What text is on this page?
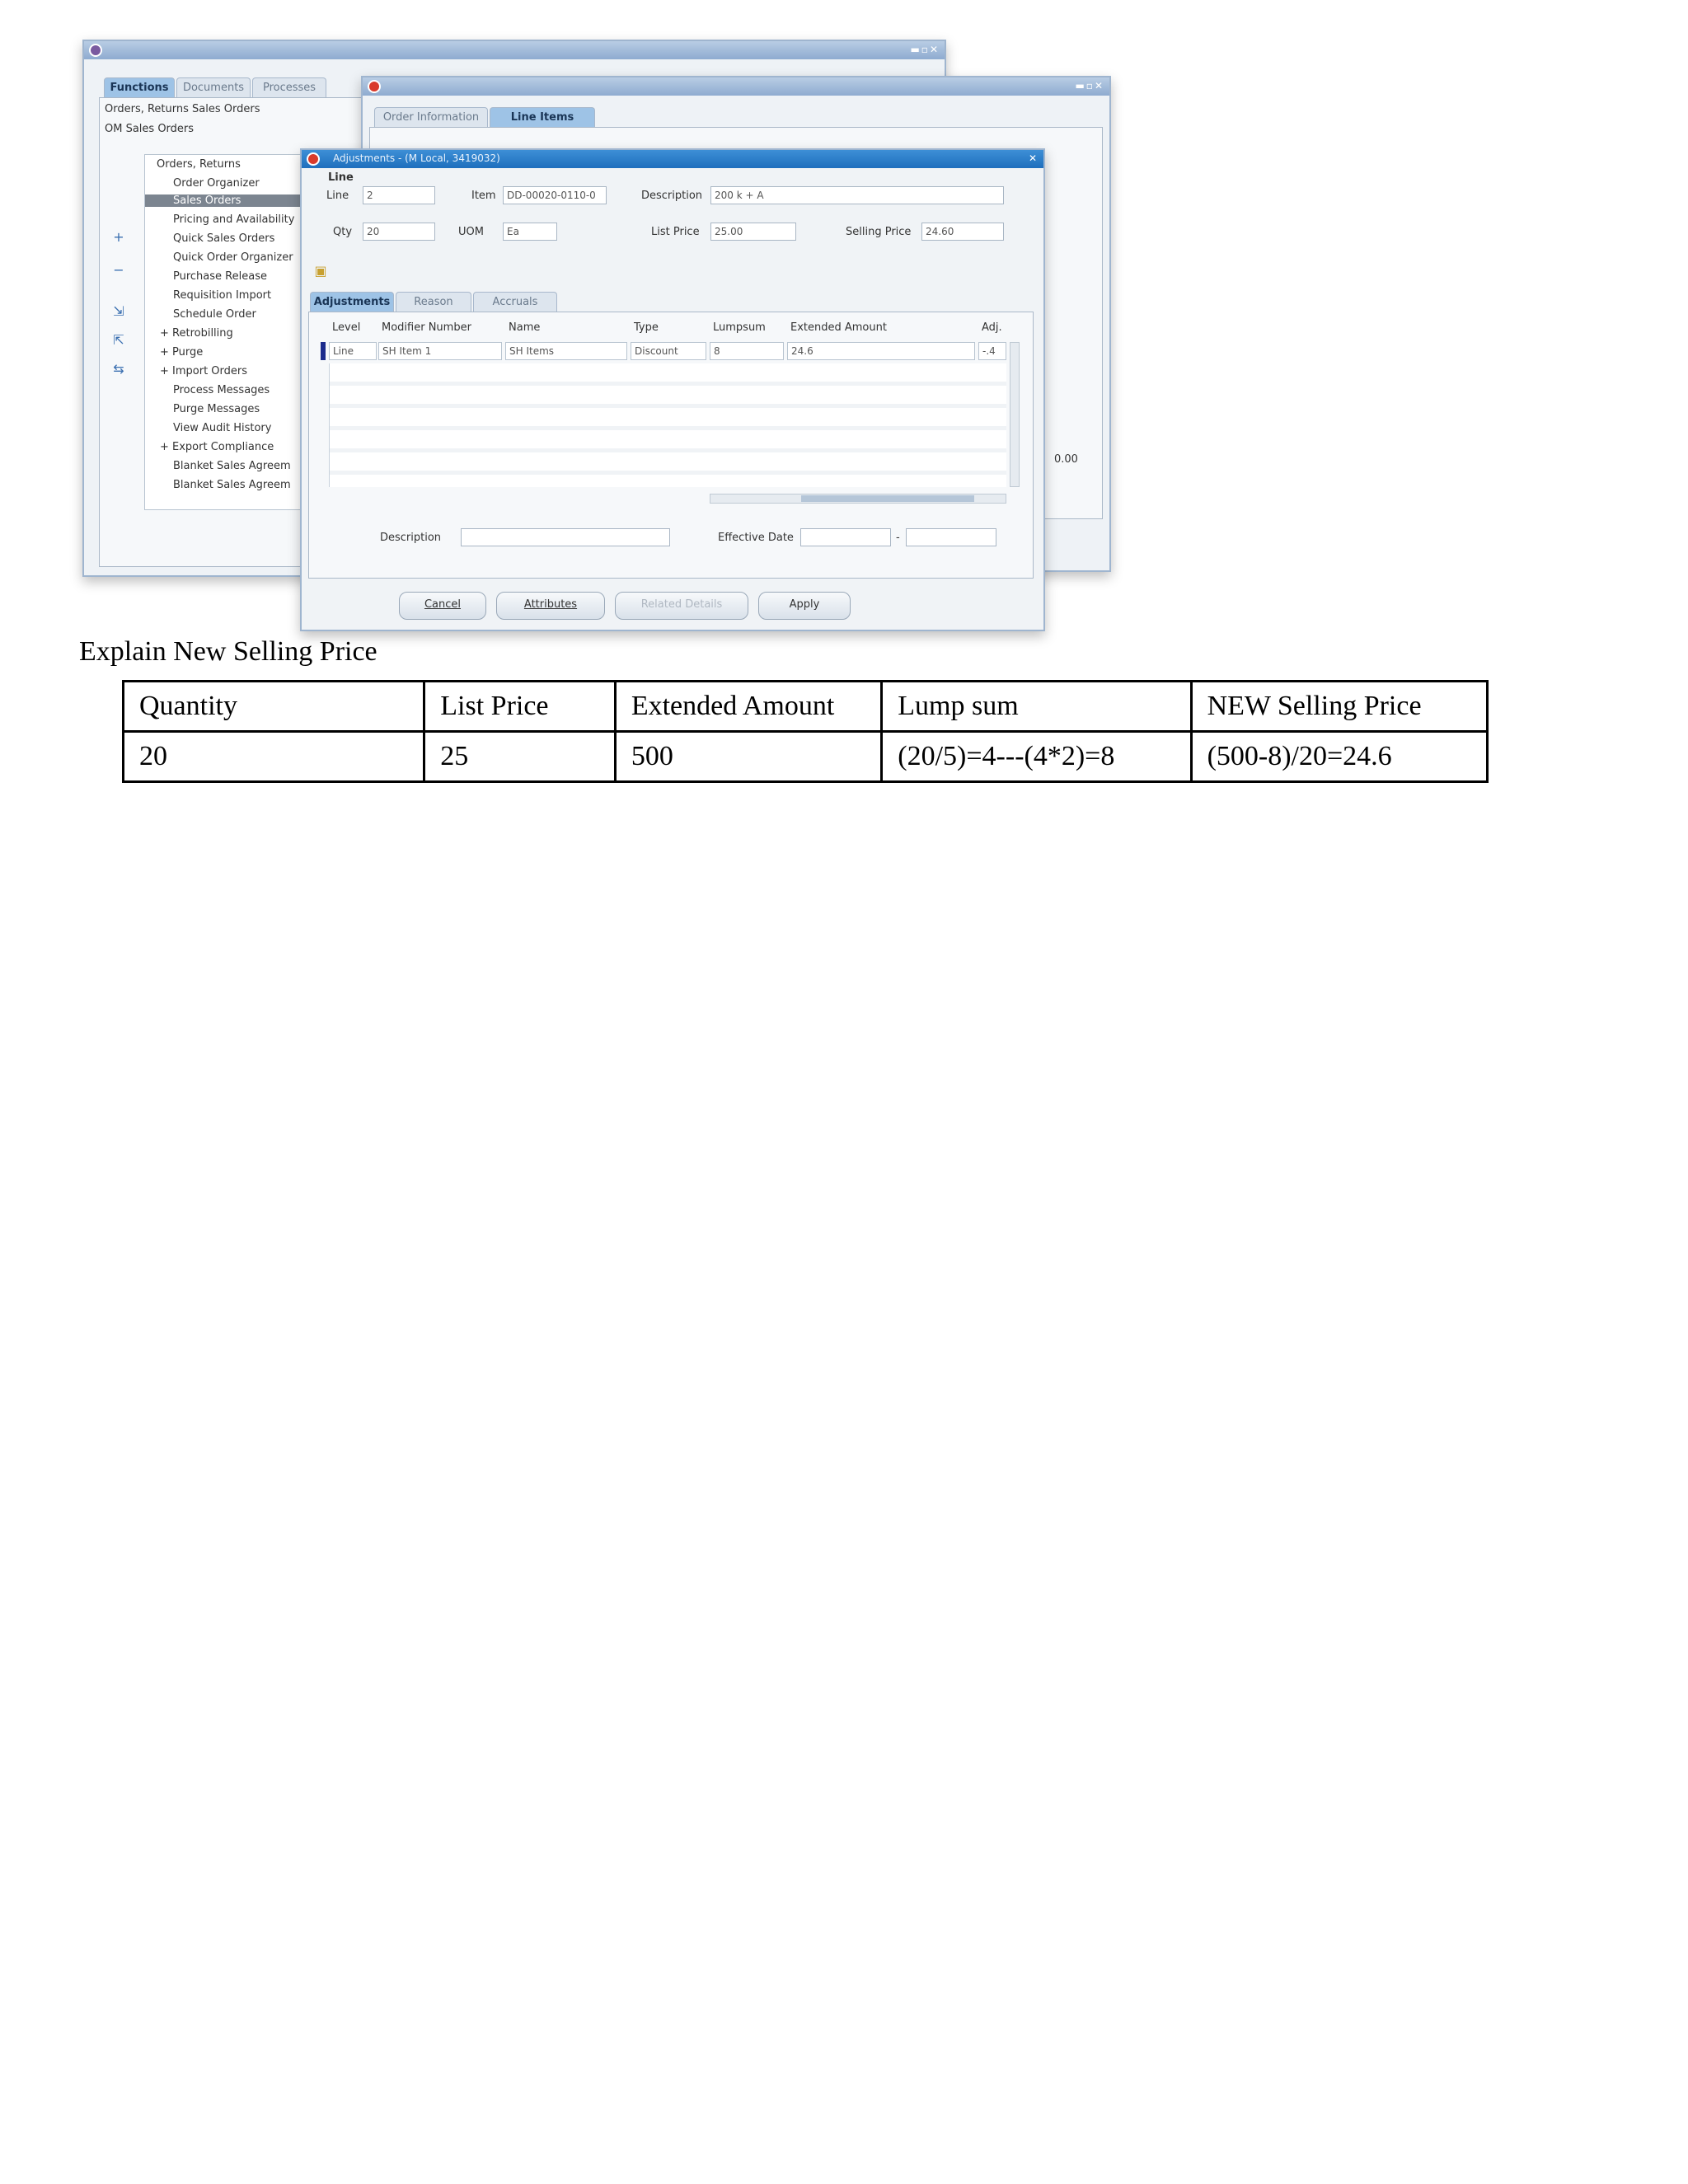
▬▫✕
Functions	Documents	Processes
Orders, Returns Sales Orders
OM Sales Orders
+
−
⇲
⇱
⇆
Orders, Returns
Order Organizer
Sales Orders
Pricing and Availability
Quick Sales Orders
Quick Order Organizer
Purchase Release
Requisition Import
Schedule Order
+ Retrobilling
+ Purge
+ Import Orders
Process Messages
Purge Messages
View Audit History
+ Export Compliance
Blanket Sales Agreem
Blanket Sales Agreem
▬▫✕
Order Information	Line Items
0.00
Adjustments - (M Local, 3419032)	✕
Line
Line	2	Item	DD-00020-0110-0	Description	200 k + A
Qty	20	UOM	Ea	List Price	25.00	Selling Price	24.60
▣
Adjustments	Reason	Accruals
Level	Modifier Number	Name	Type	Lumpsum	Extended Amount	Adj.
Line	SH Item 1	SH Items	Discount	8	24.6	-.4
Description	Effective Date	-
Cancel	Attributes	Related Details	Apply
Explain New Selling Price
Quantity	List Price	Extended Amount	Lump sum	NEW Selling Price
20	25	500	(20/5)=4---(4*2)=8	(500-8)/20=24.6
